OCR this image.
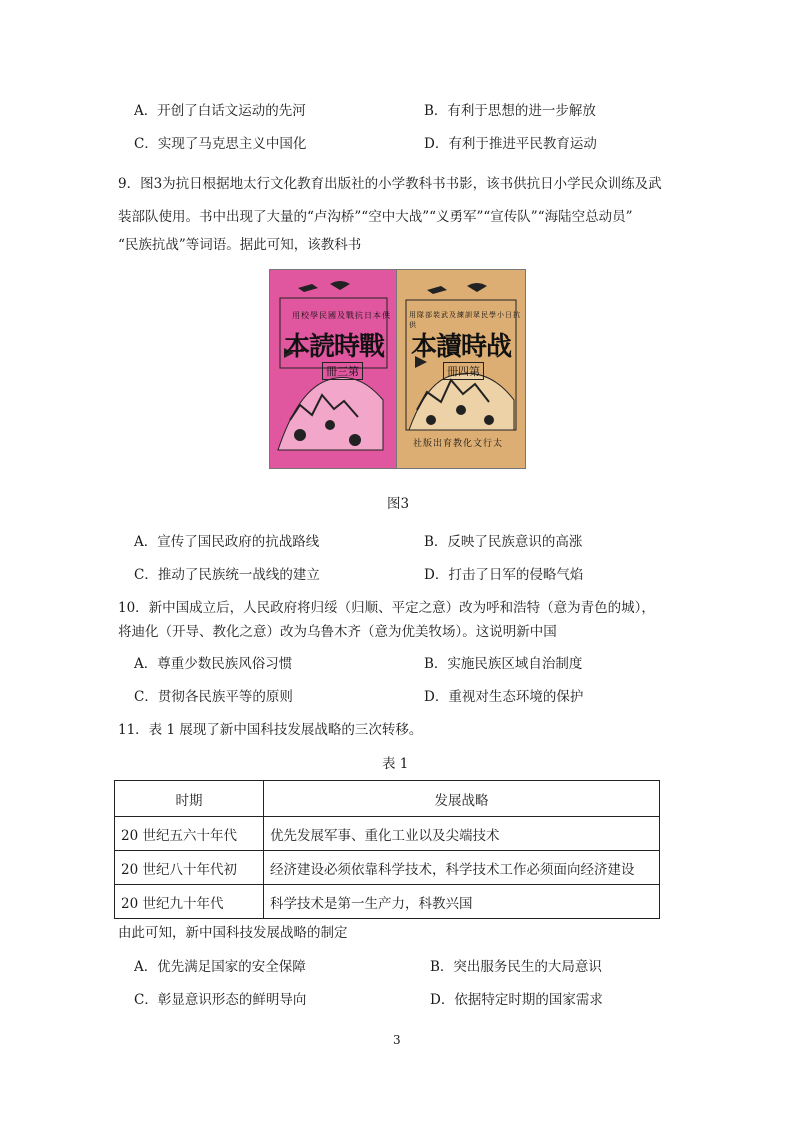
A．开创了白话文运动的先河	B．有利于思想的进一步解放
C．实现了马克思主义中国化	D．有利于推进平民教育运动
9．图3为抗日根据地太行文化教育出版社的小学教科书书影，该书供抗日小学民众训练及武
装部队使用。书中出现了大量的“卢沟桥”“空中大战”“义勇军”“宣传队”“海陆空总动员”
“民族抗战”等词语。据此可知，该教科书
用校學民國及戰抗日本供
本読時戰
冊三第
用隊部裝武及練訓眾民學小日抗供
本讀時战
冊四第
社版出育教化文行太
图3
A．宣传了国民政府的抗战路线	B．反映了民族意识的高涨
C．推动了民族统一战线的建立	D．打击了日军的侵略气焰
10．新中国成立后，人民政府将归绥（归顺、平定之意）改为呼和浩特（意为青色的城），
将迪化（开导、教化之意）改为乌鲁木齐（意为优美牧场）。这说明新中国
A．尊重少数民族风俗习惯	B．实施民族区域自治制度
C．贯彻各民族平等的原则	D．重视对生态环境的保护
11．表 1 展现了新中国科技发展战略的三次转移。
表 1
时期	发展战略
20 世纪五六十年代	优先发展军事、重化工业以及尖端技术
20 世纪八十年代初	经济建设必须依靠科学技术，科学技术工作必须面向经济建设
20 世纪九十年代	科学技术是第一生产力，科教兴国
由此可知，新中国科技发展战略的制定
A．优先满足国家的安全保障	B．突出服务民生的大局意识
C．彰显意识形态的鲜明导向	D．依据特定时期的国家需求
3
